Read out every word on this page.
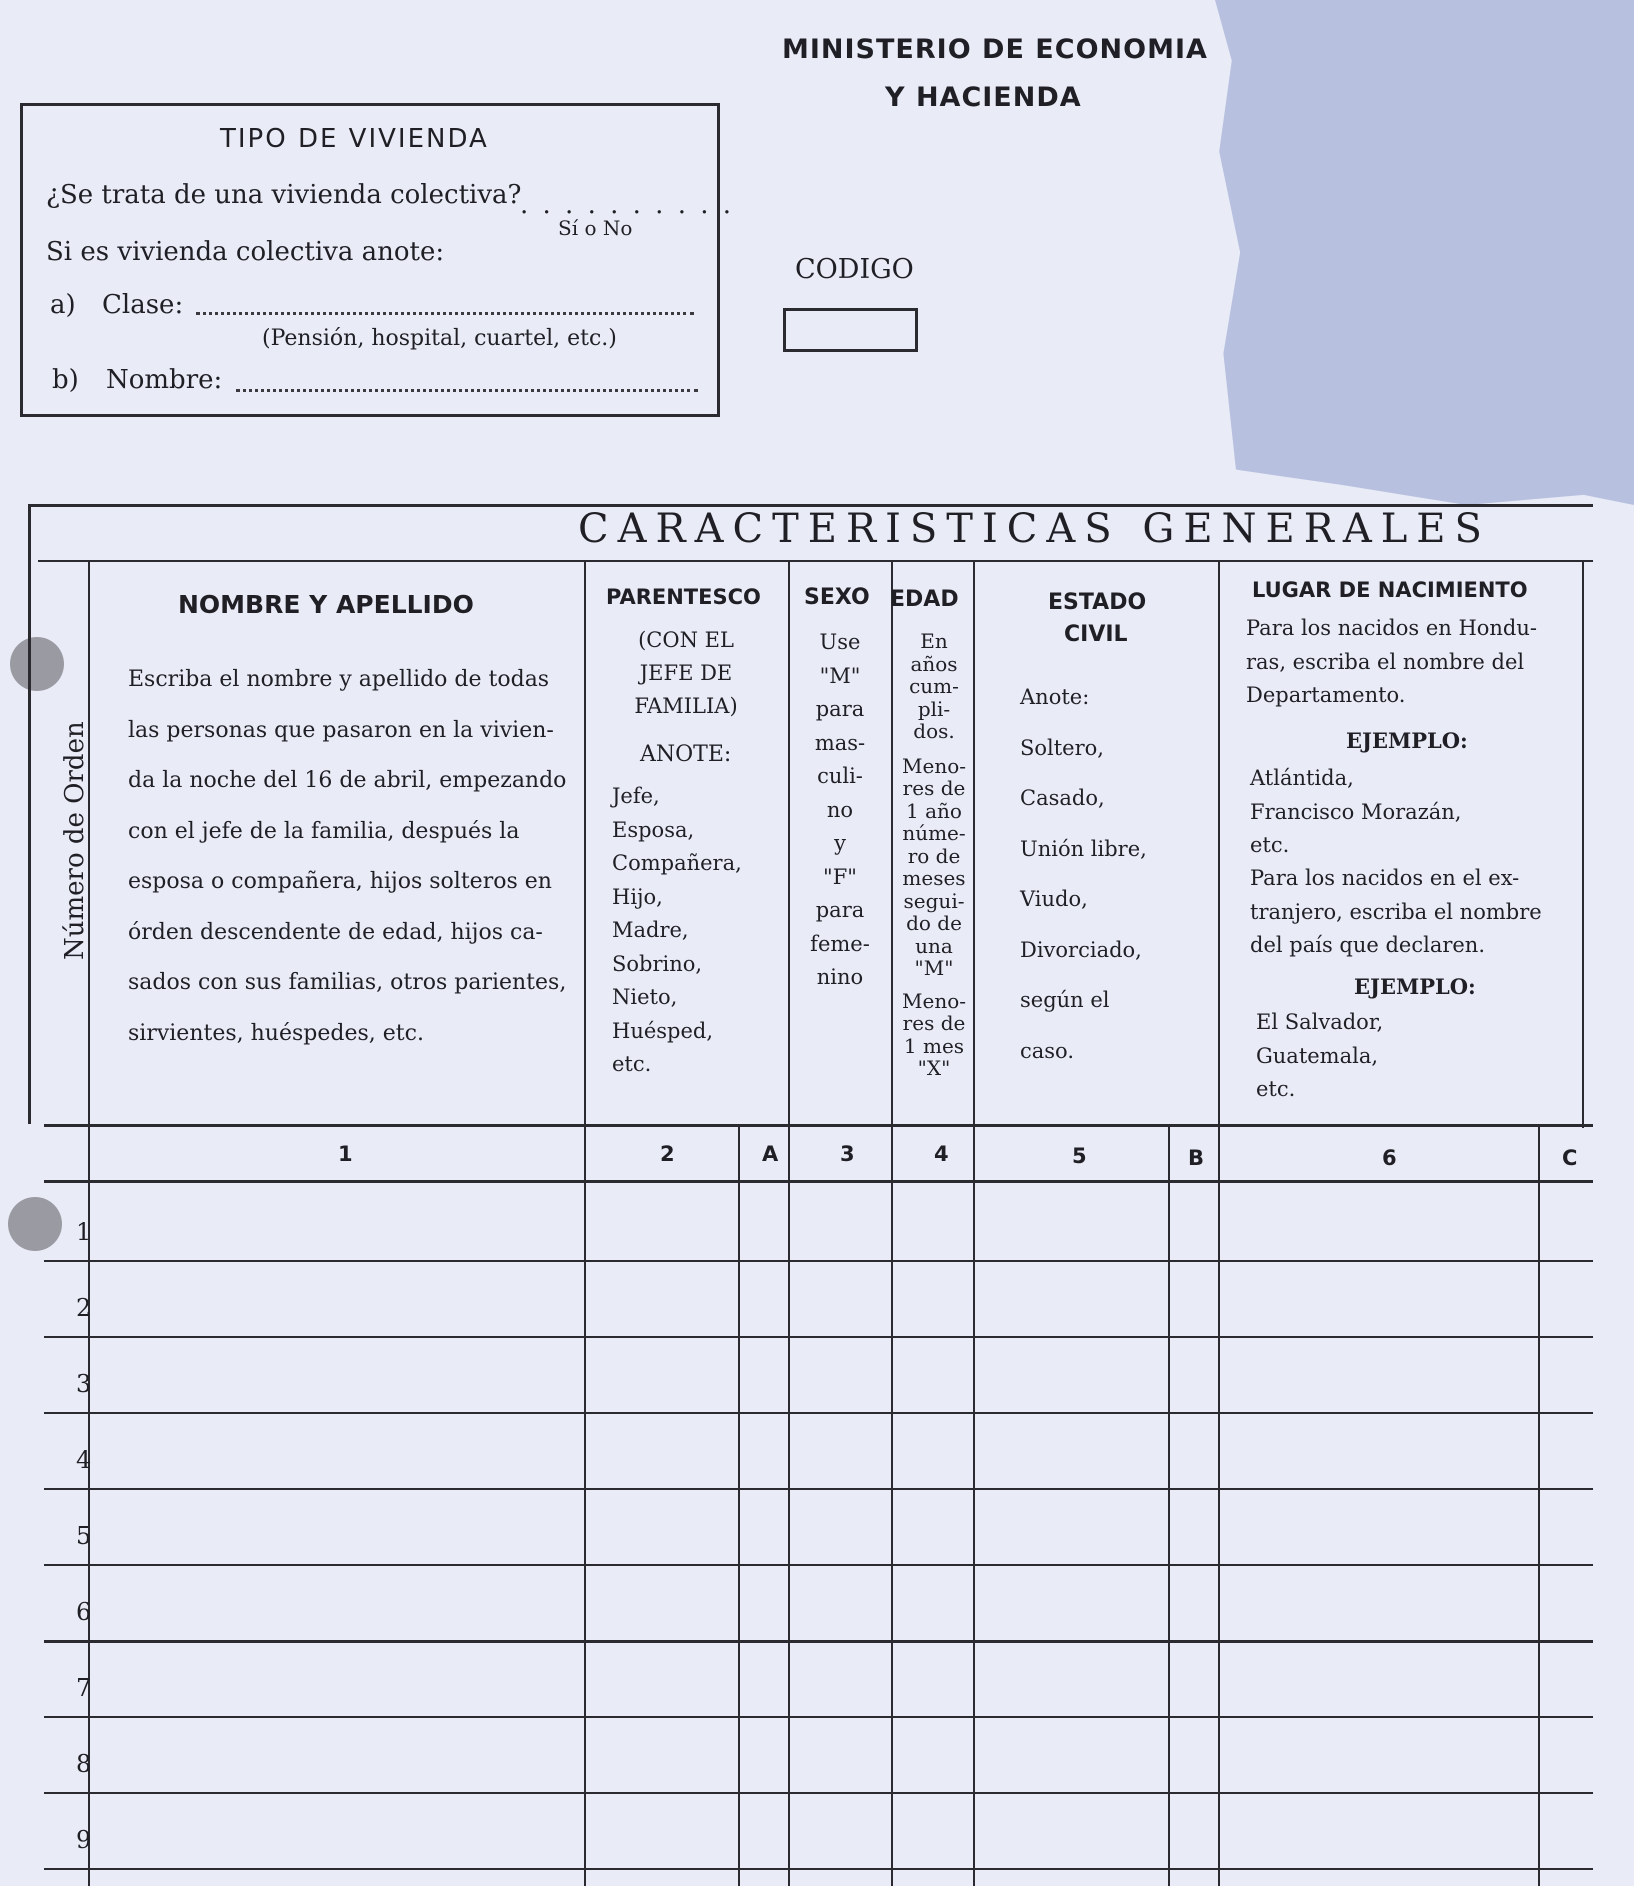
MINISTERIO DE ECONOMIA
Y HACIENDA
TIPO DE VIVIENDA
¿Se trata de una vivienda colectiva?
. . . . . . . . . .
Sí o No
Si es vivienda colectiva anote:
a) Clase:
(Pensión, hospital, cuartel, etc.)
b) Nombre:
CODIGO
CARACTERISTICAS GENERALES
Número de Orden
NOMBRE Y APELLIDO
Escriba el nombre y apellido de todas
las personas que pasaron en la vivien-
da la noche del 16 de abril, empezando
con el jefe de la familia, después la
esposa o compañera, hijos solteros en
órden descendente de edad, hijos ca-
sados con sus familias, otros parientes,
sirvientes, huéspedes, etc.
PARENTESCO
(CON EL
JEFE DE
FAMILIA)
ANOTE:
Jefe,
Esposa,
Compañera,
Hijo,
Madre,
Sobrino,
Nieto,
Huésped,
etc.
SEXO
Use
"M"
para
mas-
culi-
no
y
"F"
para
feme-
nino
EDAD
En
años
cum-
pli-
dos.
Meno-
res de
1 año
núme-
ro de
meses
segui-
do de
una
"M"
Meno-
res de
1 mes
"X"
ESTADO
CIVIL
Anote:
Soltero,
Casado,
Unión libre,
Viudo,
Divorciado,
según el
caso.
LUGAR DE NACIMIENTO
Para los nacidos en Hondu-
ras, escriba el nombre del
Departamento.
EJEMPLO:
Atlántida,
Francisco Morazán,
etc.
Para los nacidos en el ex-
tranjero, escriba el nombre
del país que declaren.
EJEMPLO:
El Salvador,
Guatemala,
etc.
1	2	A	3	4	5	B	6	C
1
2
3
4
5
6
7
8
9
